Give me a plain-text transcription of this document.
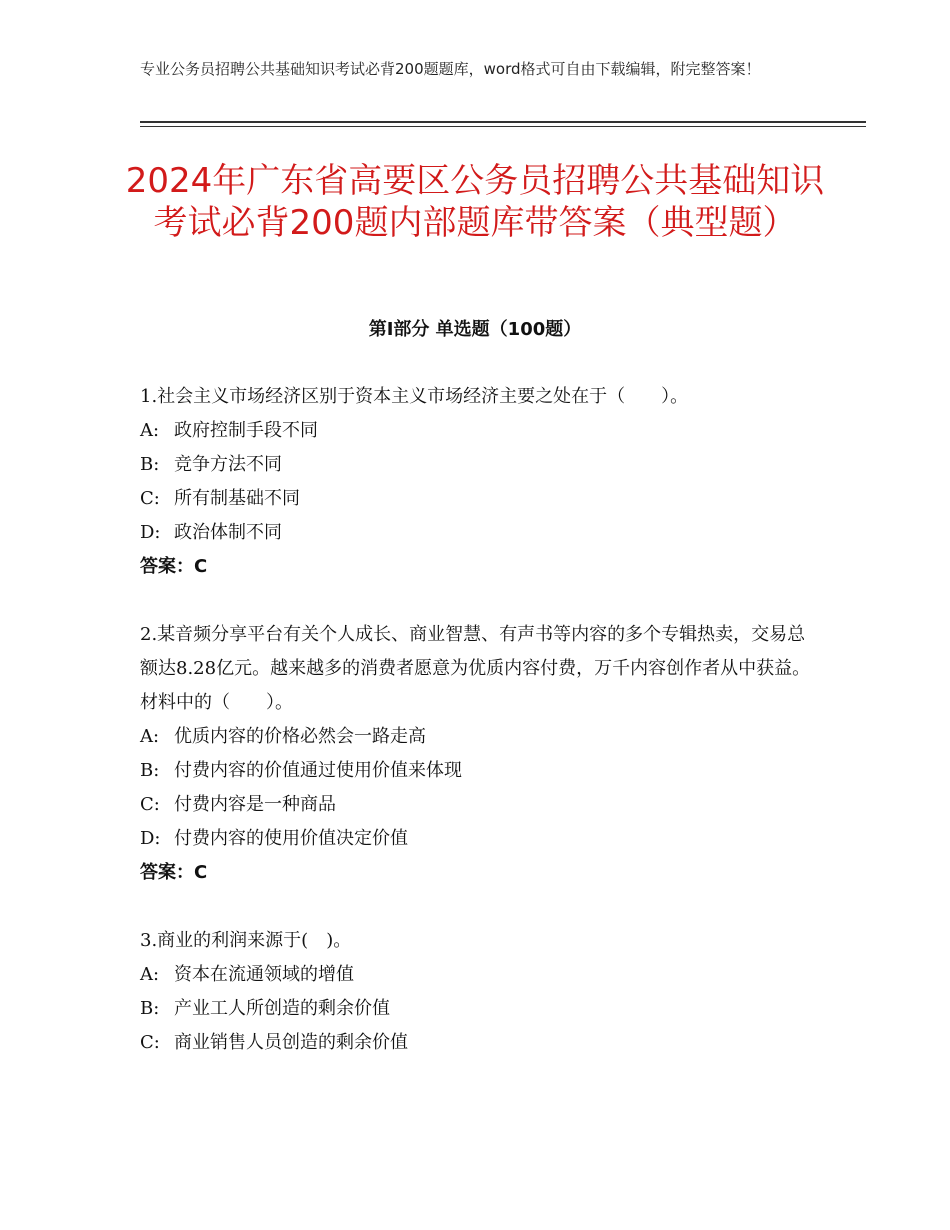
专业公务员招聘公共基础知识考试必背200题题库，word格式可自由下载编辑，附完整答案！
2024年广东省高要区公务员招聘公共基础知识考试必背200题内部题库带答案（典型题）
第Ⅰ部分 单选题（100题）
1.社会主义市场经济区别于资本主义市场经济主要之处在于（　　）。
A: 政府控制手段不同
B: 竞争方法不同
C: 所有制基础不同
D: 政治体制不同
答案：C
2.某音频分享平台有关个人成长、商业智慧、有声书等内容的多个专辑热卖，交易总额达8.28亿元。越来越多的消费者愿意为优质内容付费，万千内容创作者从中获益。材料中的（　　）。
A: 优质内容的价格必然会一路走高
B: 付费内容的价值通过使用价值来体现
C: 付费内容是一种商品
D: 付费内容的使用价值决定价值
答案：C
3.商业的利润来源于(　)。
A: 资本在流通领域的增值
B: 产业工人所创造的剩余价值
C: 商业销售人员创造的剩余价值
